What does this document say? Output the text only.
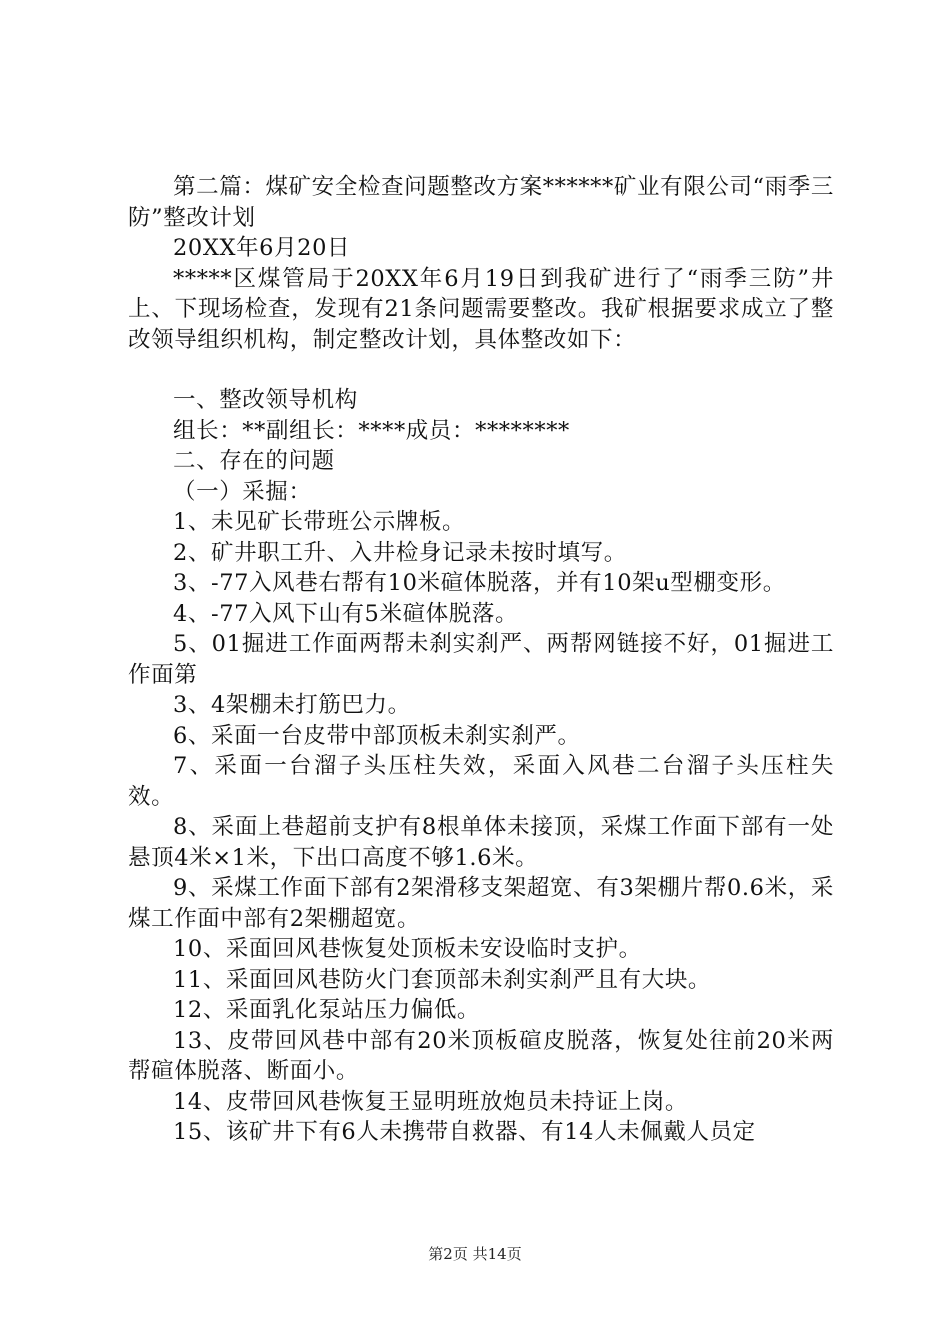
第二篇：煤矿安全检查问题整改方案******矿业有限公司“雨季三防”整改计划

20XX年6月20日

*****区煤管局于20XX年6月19日到我矿进行了“雨季三防”井上、下现场检查，发现有21条问题需要整改。我矿根据要求成立了整改领导组织机构，制定整改计划，具体整改如下：

一、整改领导机构

组长：**副组长：****成员：********

二、存在的问题

（一）采掘：

1、未见矿长带班公示牌板。

2、矿井职工升、入井检身记录未按时填写。

3、-77入风巷右帮有10米碹体脱落，并有10架u型棚变形。

4、-77入风下山有5米碹体脱落。

5、01掘进工作面两帮未刹实刹严、两帮网链接不好，01掘进工作面第

3、4架棚未打筋巴力。

6、采面一台皮带中部顶板未刹实刹严。

7、采面一台溜子头压柱失效，采面入风巷二台溜子头压柱失效。

8、采面上巷超前支护有8根单体未接顶，采煤工作面下部有一处悬顶4米×1米，下出口高度不够1.6米。

9、采煤工作面下部有2架滑移支架超宽、有3架棚片帮0.6米，采煤工作面中部有2架棚超宽。

10、采面回风巷恢复处顶板未安设临时支护。

11、采面回风巷防火门套顶部未刹实刹严且有大块。

12、采面乳化泵站压力偏低。

13、皮带回风巷中部有20米顶板碹皮脱落，恢复处往前20米两帮碹体脱落、断面小。

14、皮带回风巷恢复王显明班放炮员未持证上岗。

15、该矿井下有6人未携带自救器、有14人未佩戴人员定

第2页 共14页
